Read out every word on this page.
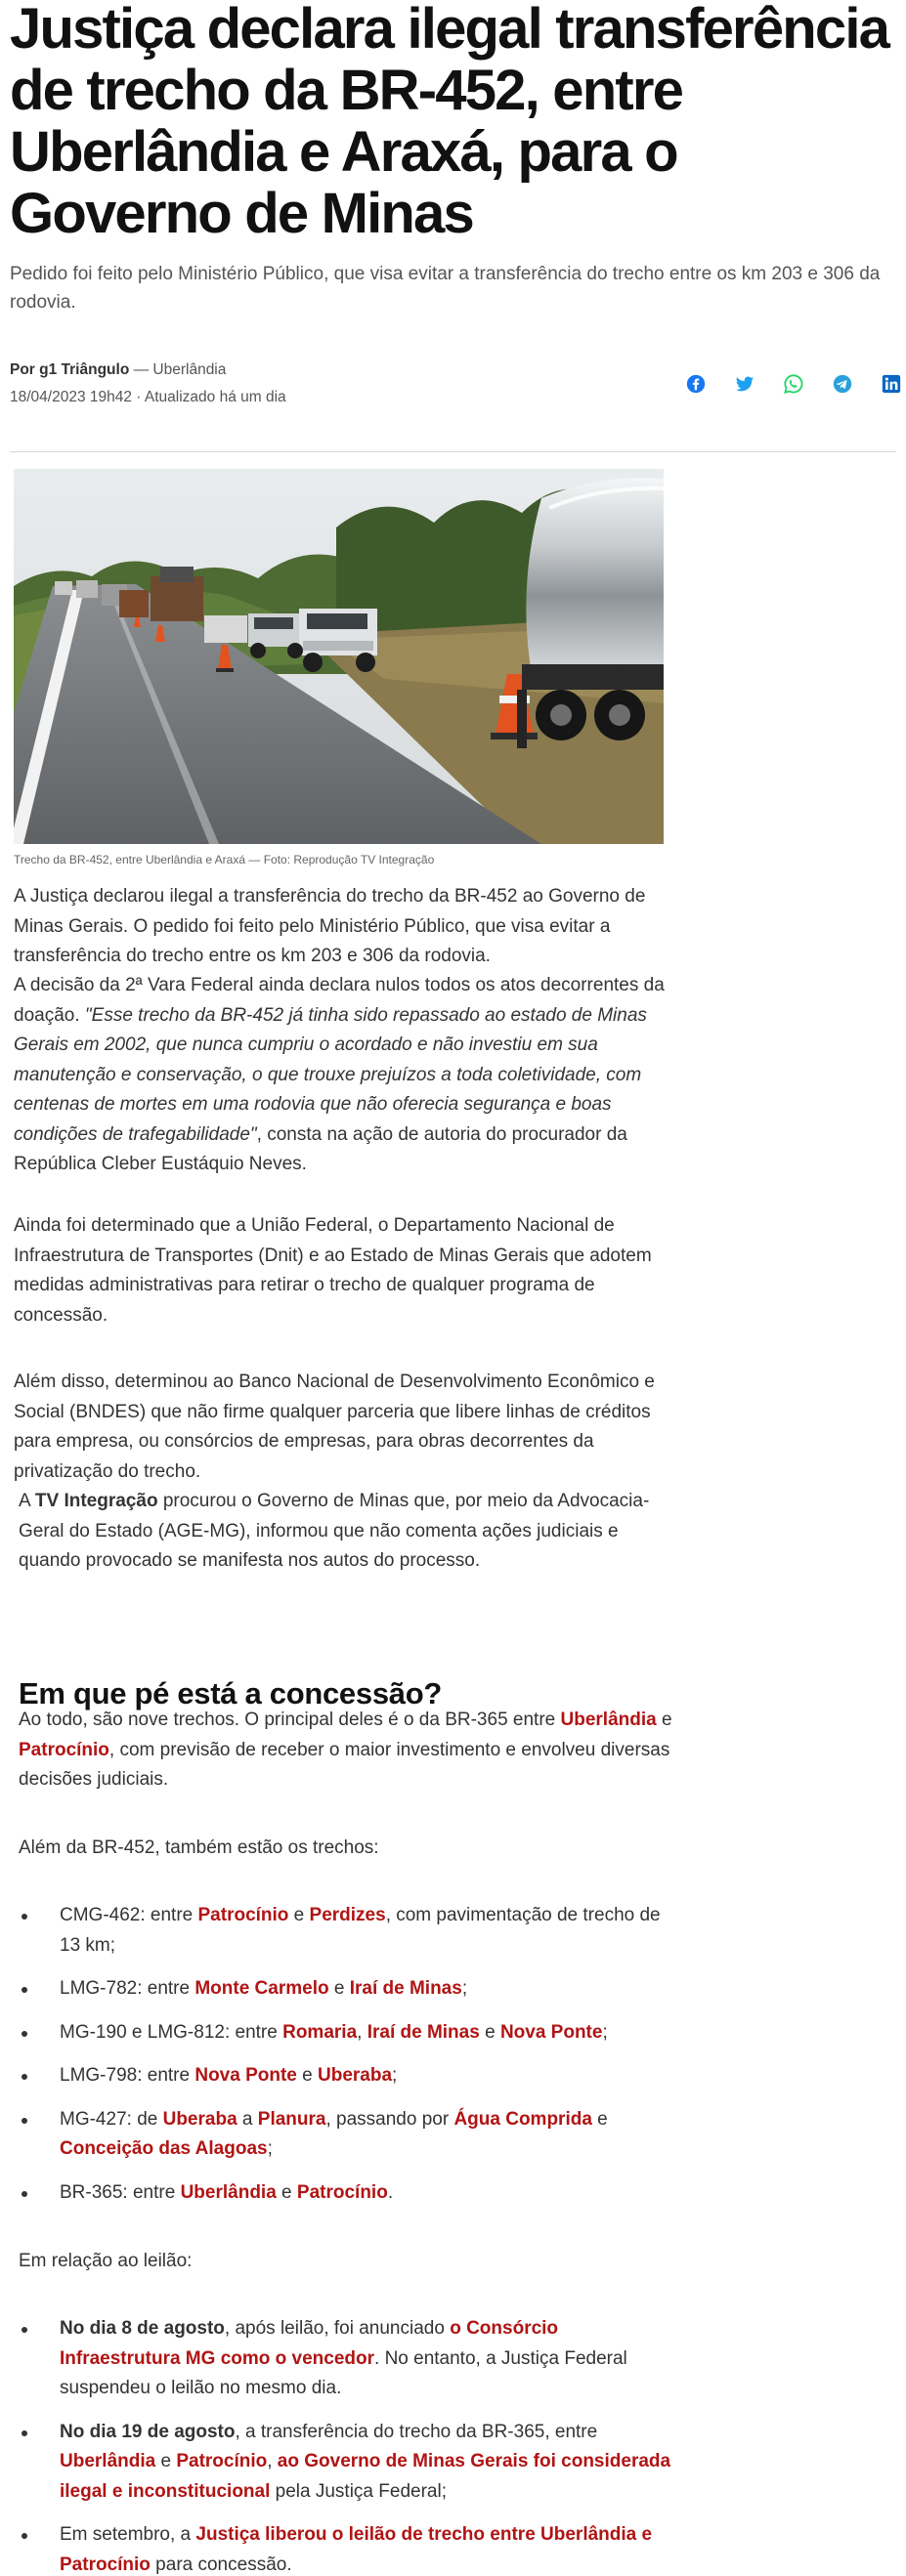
Justiça declara ilegal transferência de trecho da BR-452, entre Uberlândia e Araxá, para o Governo de Minas

Pedido foi feito pelo Ministério Público, que visa evitar a transferência do trecho entre os km 203 e 306 da rodovia.

Por g1 Triângulo — Uberlândia
18/04/2023 19h42 · Atualizado há um dia
Trecho da BR-452, entre Uberlândia e Araxá — Foto: Reprodução TV Integração

A Justiça declarou ilegal a transferência do trecho da BR-452 ao Governo de Minas Gerais. O pedido foi feito pelo Ministério Público, que visa evitar a transferência do trecho entre os km 203 e 306 da rodovia.

A decisão da 2ª Vara Federal ainda declara nulos todos os atos decorrentes da doação. "Esse trecho da BR-452 já tinha sido repassado ao estado de Minas Gerais em 2002, que nunca cumpriu o acordado e não investiu em sua manutenção e conservação, o que trouxe prejuízos a toda coletividade, com centenas de mortes em uma rodovia que não oferecia segurança e boas condições de trafegabilidade", consta na ação de autoria do procurador da República Cleber Eustáquio Neves.

Ainda foi determinado que a União Federal, o Departamento Nacional de Infraestrutura de Transportes (Dnit) e ao Estado de Minas Gerais que adotem medidas administrativas para retirar o trecho de qualquer programa de concessão.

Além disso, determinou ao Banco Nacional de Desenvolvimento Econômico e Social (BNDES) que não firme qualquer parceria que libere linhas de créditos para empresa, ou consórcios de empresas, para obras decorrentes da privatização do trecho.

A TV Integração procurou o Governo de Minas que, por meio da Advocacia-Geral do Estado (AGE-MG), informou que não comenta ações judiciais e quando provocado se manifesta nos autos do processo.

Em que pé está a concessão?

Ao todo, são nove trechos. O principal deles é o da BR-365 entre Uberlândia e Patrocínio, com previsão de receber o maior investimento e envolveu diversas decisões judiciais.

Além da BR-452, também estão os trechos:

CMG-462: entre Patrocínio e Perdizes, com pavimentação de trecho de 13 km;
LMG-782: entre Monte Carmelo e Iraí de Minas;
MG-190 e LMG-812: entre Romaria, Iraí de Minas e Nova Ponte;
LMG-798: entre Nova Ponte e Uberaba;
MG-427: de Uberaba a Planura, passando por Água Comprida e Conceição das Alagoas;
BR-365: entre Uberlândia e Patrocínio.

Em relação ao leilão:

No dia 8 de agosto, após leilão, foi anunciado o Consórcio Infraestrutura MG como o vencedor. No entanto, a Justiça Federal suspendeu o leilão no mesmo dia.
No dia 19 de agosto, a transferência do trecho da BR-365, entre Uberlândia e Patrocínio, ao Governo de Minas Gerais foi considerada ilegal e inconstitucional pela Justiça Federal;
Em setembro, a Justiça liberou o leilão de trecho entre Uberlândia e Patrocínio para concessão.
